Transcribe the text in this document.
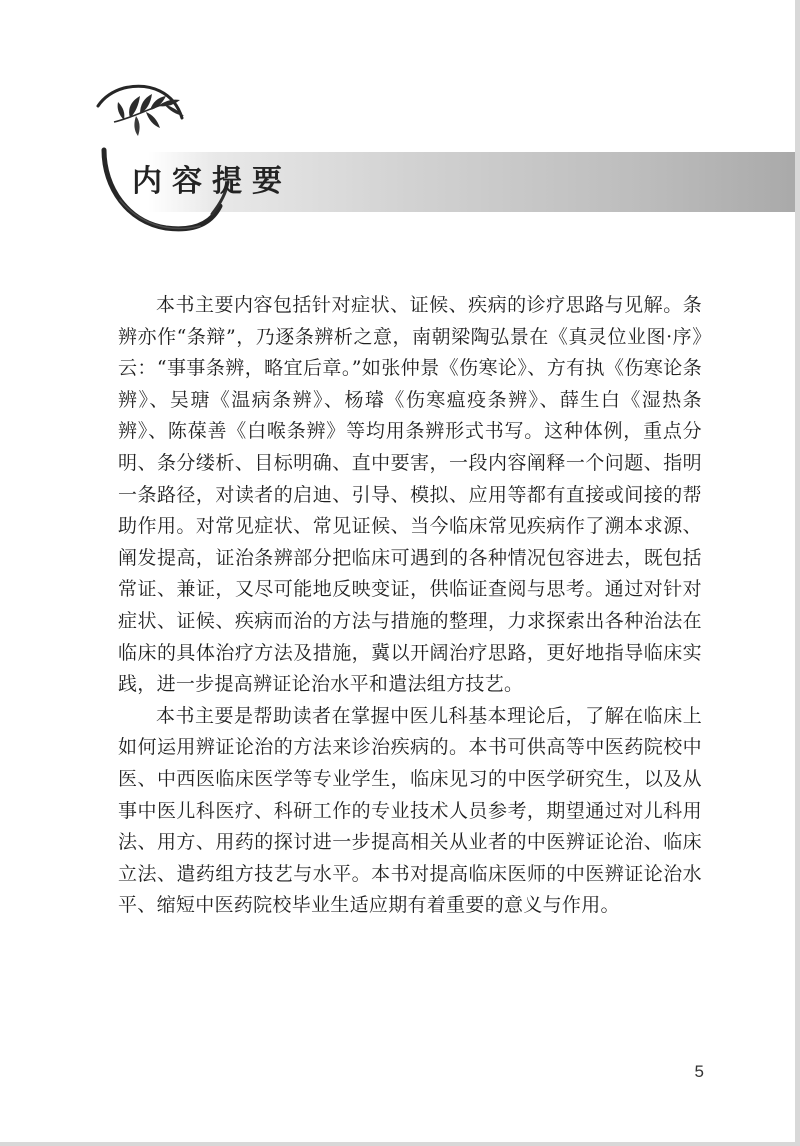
内容提要

本书主要内容包括针对症状、证候、疾病的诊疗思路与见解。条辨亦作“条辩”，乃逐条辨析之意，南朝梁陶弘景在《真灵位业图·序》云：“事事条辨，略宜后章。”如张仲景《伤寒论》、方有执《伤寒论条辨》、吴瑭《温病条辨》、杨璿《伤寒瘟疫条辨》、薛生白《湿热条辨》、陈葆善《白喉条辨》等均用条辨形式书写。这种体例，重点分明、条分缕析、目标明确、直中要害，一段内容阐释一个问题、指明一条路径，对读者的启迪、引导、模拟、应用等都有直接或间接的帮助作用。对常见症状、常见证候、当今临床常见疾病作了溯本求源、阐发提高，证治条辨部分把临床可遇到的各种情况包容进去，既包括常证、兼证，又尽可能地反映变证，供临证查阅与思考。通过对针对症状、证候、疾病而治的方法与措施的整理，力求探索出各种治法在临床的具体治疗方法及措施，冀以开阔治疗思路，更好地指导临床实践，进一步提高辨证论治水平和遣法组方技艺。

本书主要是帮助读者在掌握中医儿科基本理论后，了解在临床上如何运用辨证论治的方法来诊治疾病的。本书可供高等中医药院校中医、中西医临床医学等专业学生，临床见习的中医学研究生，以及从事中医儿科医疗、科研工作的专业技术人员参考，期望通过对儿科用法、用方、用药的探讨进一步提高相关从业者的中医辨证论治、临床立法、遣药组方技艺与水平。本书对提高临床医师的中医辨证论治水平、缩短中医药院校毕业生适应期有着重要的意义与作用。

5
